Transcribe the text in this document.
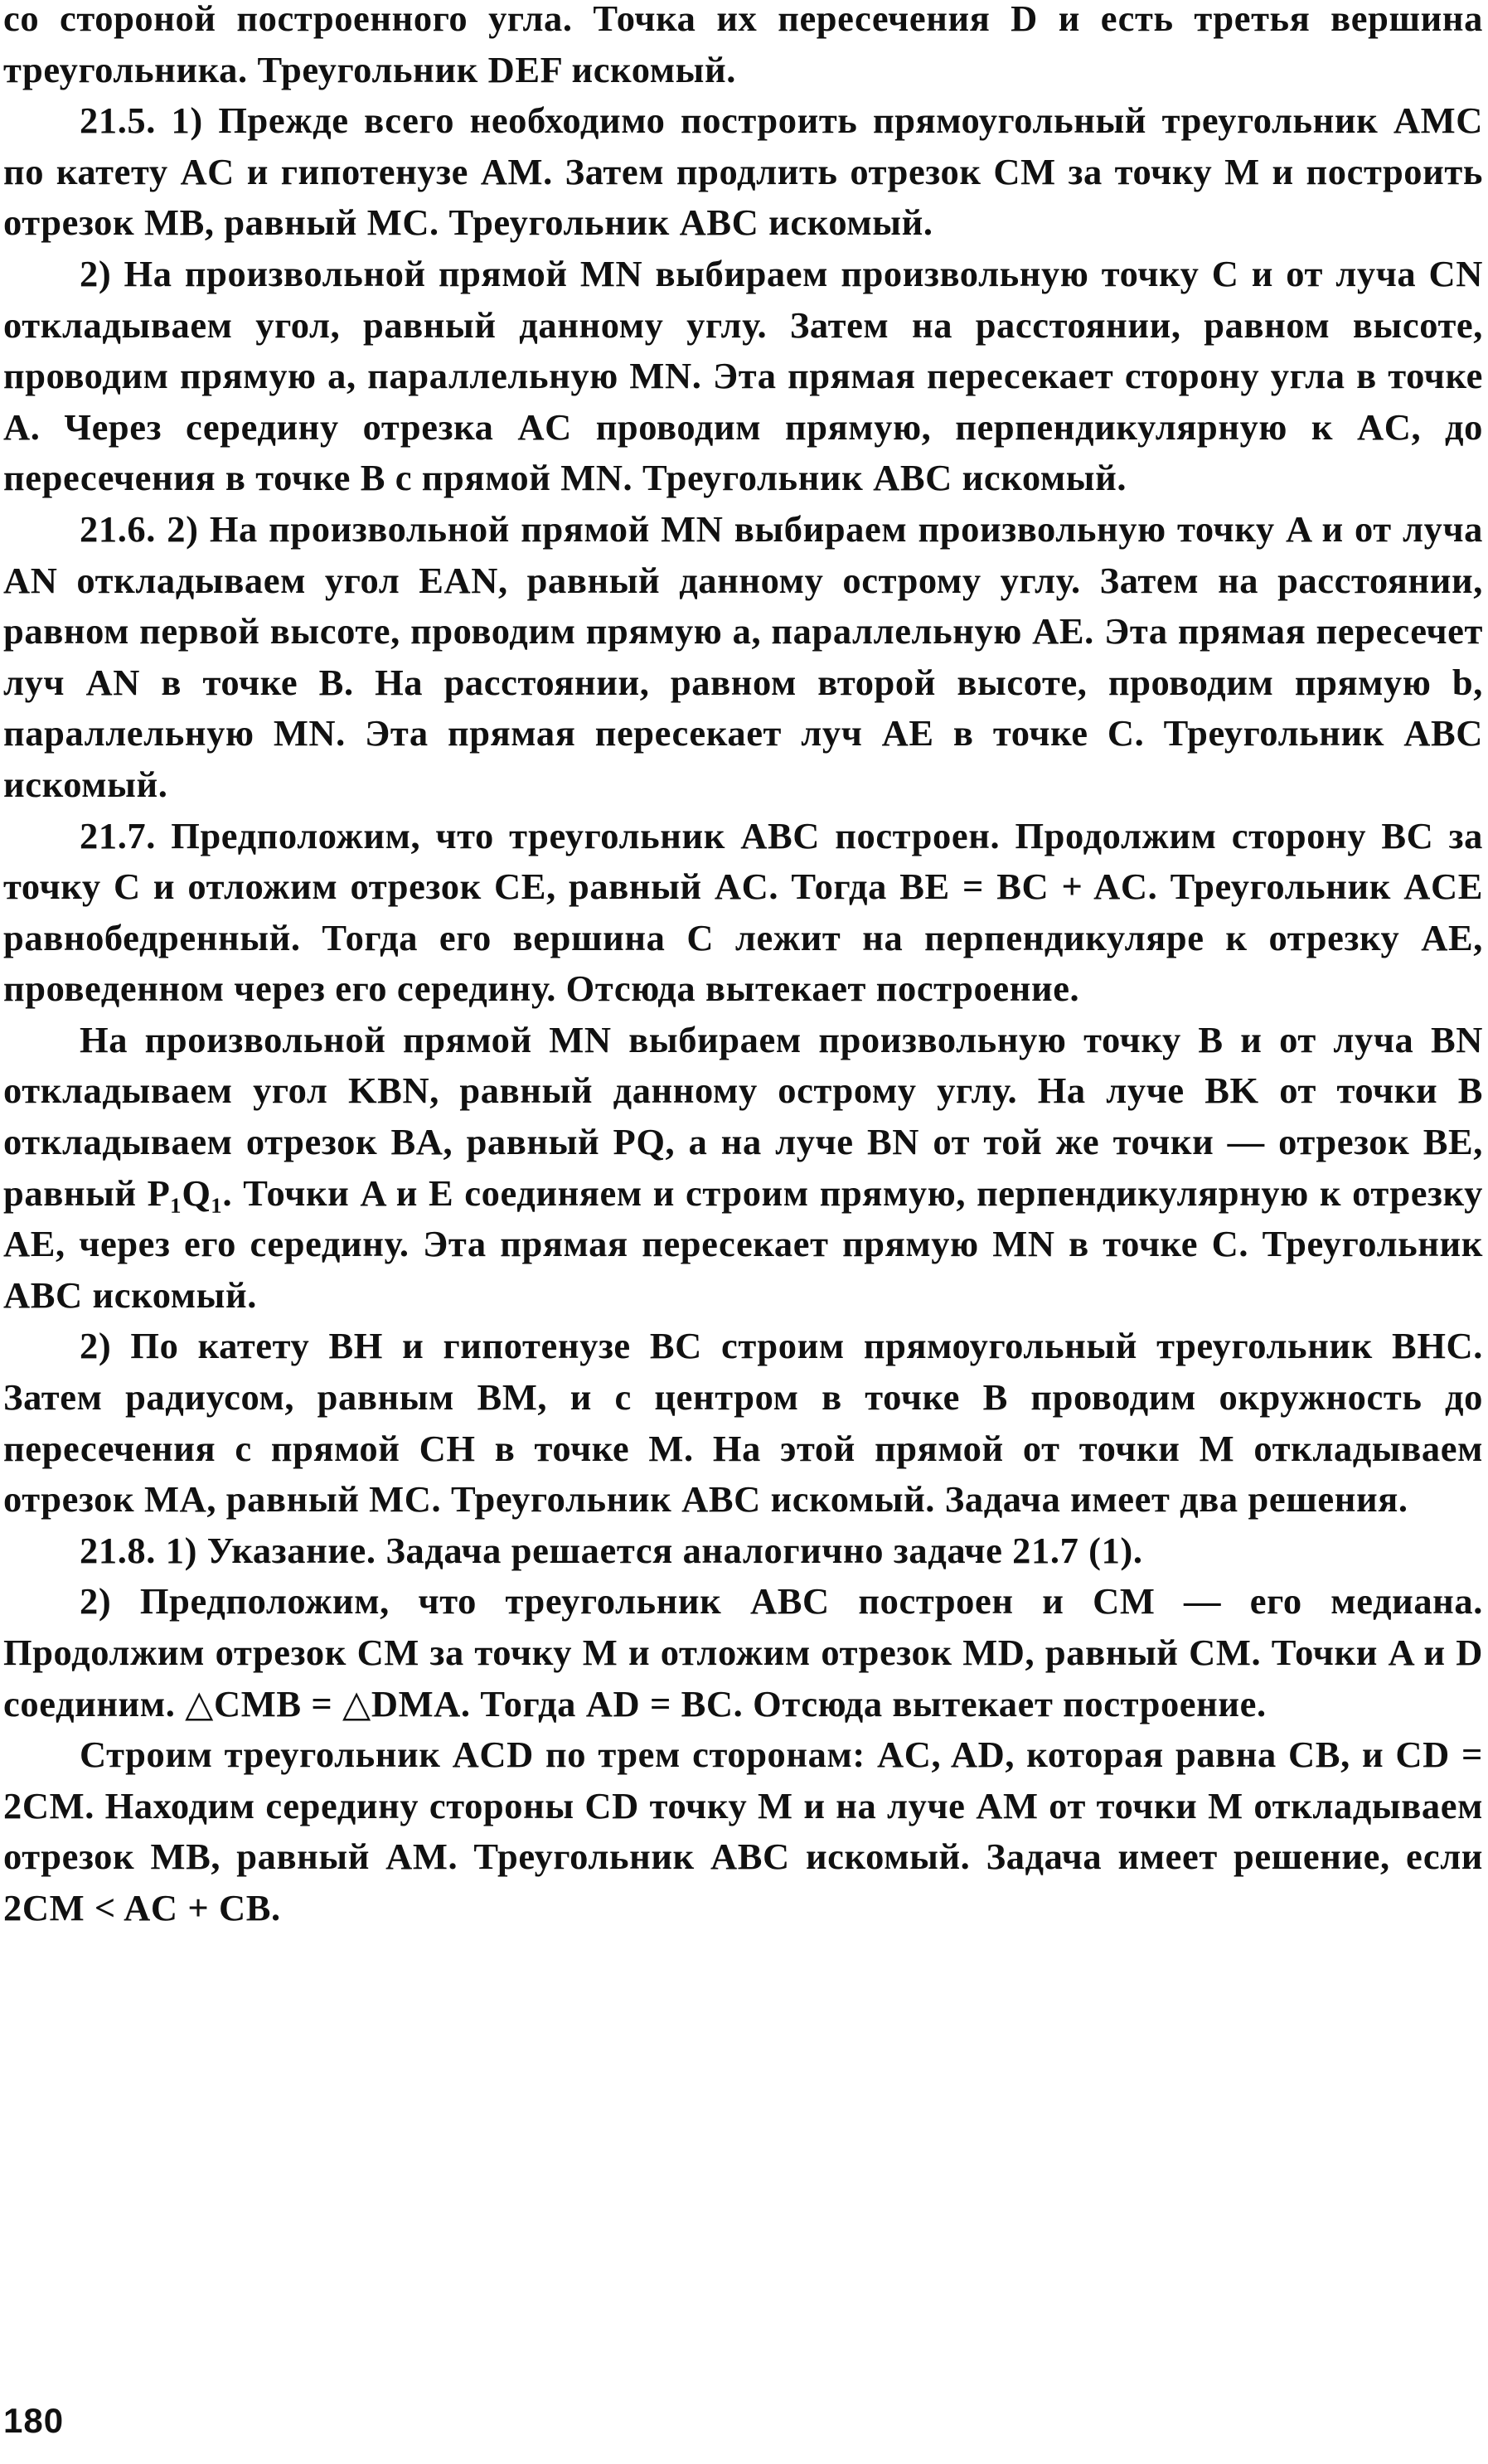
со стороной построенного угла. Точка их пересечения D и есть третья вершина треугольника. Треугольник DEF искомый.

21.5. 1) Прежде всего необходимо построить прямоугольный треугольник AMC по катету AC и гипотенузе AM. Затем продлить отрезок CM за точку M и построить отрезок MB, равный MC. Треугольник ABC искомый.

2) На произвольной прямой MN выбираем произвольную точку C и от луча CN откладываем угол, равный данному углу. Затем на расстоянии, равном высоте, проводим прямую a, параллельную MN. Эта прямая пересекает сторону угла в точке A. Через середину отрезка AC проводим прямую, перпендикулярную к AC, до пересечения в точке B с прямой MN. Треугольник ABC искомый.

21.6. 2) На произвольной прямой MN выбираем произвольную точку A и от луча AN откладываем угол EAN, равный данному острому углу. Затем на расстоянии, равном первой высоте, проводим прямую a, параллельную AE. Эта прямая пересечет луч AN в точке B. На расстоянии, равном второй высоте, проводим прямую b, параллельную MN. Эта прямая пересекает луч AE в точке C. Треугольник ABC искомый.

21.7. Предположим, что треугольник ABC построен. Продолжим сторону BC за точку C и отложим отрезок CE, равный AC. Тогда BE = BC + AC. Треугольник ACE равнобедренный. Тогда его вершина C лежит на перпендикуляре к отрезку AE, проведенном через его середину. Отсюда вытекает построение.

На произвольной прямой MN выбираем произвольную точку B и от луча BN откладываем угол KBN, равный данному острому углу. На луче BK от точки B откладываем отрезок BA, равный PQ, а на луче BN от той же точки — отрезок BE, равный P₁Q₁. Точки A и E соединяем и строим прямую, перпендикулярную к отрезку AE, через его середину. Эта прямая пересекает прямую MN в точке C. Треугольник ABC искомый.

2) По катету BH и гипотенузе BC строим прямоугольный треугольник BHC. Затем радиусом, равным BM, и с центром в точке B проводим окружность до пересечения с прямой CH в точке M. На этой прямой от точки M откладываем отрезок MA, равный MC. Треугольник ABC искомый. Задача имеет два решения.

21.8. 1) Указание. Задача решается аналогично задаче 21.7 (1).

2) Предположим, что треугольник ABC построен и CM — его медиана. Продолжим отрезок CM за точку M и отложим отрезок MD, равный CM. Точки A и D соединим. △CMB = △DMA. Тогда AD = BC. Отсюда вытекает построение.

Строим треугольник ACD по трем сторонам: AC, AD, которая равна CB, и CD = 2CM. Находим середину стороны CD точку M и на луче AM от точки M откладываем отрезок MB, равный AM. Треугольник ABC искомый. Задача имеет решение, если 2CM < AC + CB.

180
